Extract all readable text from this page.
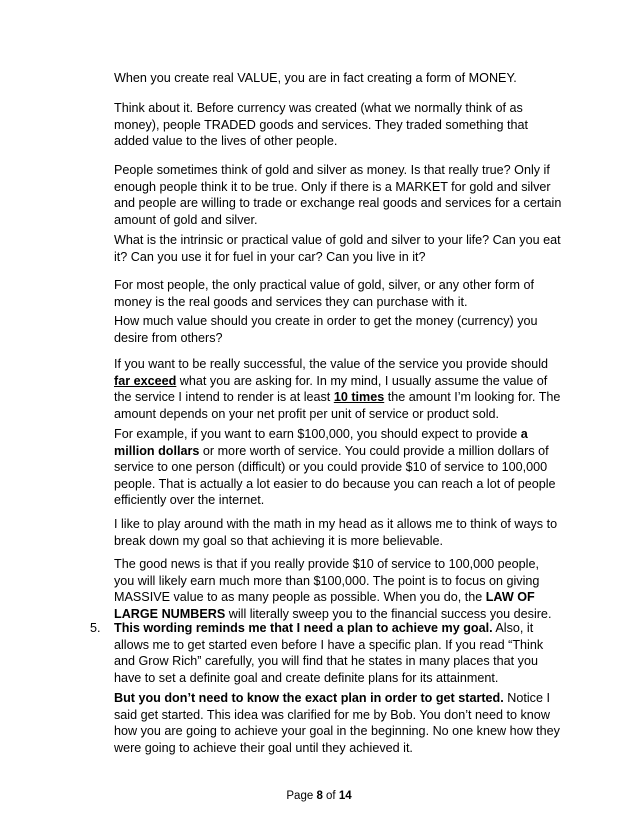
When you create real VALUE, you are in fact creating a form of MONEY.

Think about it. Before currency was created (what we normally think of as money), people TRADED goods and services. They traded something that added value to the lives of other people.

People sometimes think of gold and silver as money. Is that really true? Only if enough people think it to be true. Only if there is a MARKET for gold and silver and people are willing to trade or exchange real goods and services for a certain amount of gold and silver.

What is the intrinsic or practical value of gold and silver to your life? Can you eat it? Can you use it for fuel in your car? Can you live in it?

For most people, the only practical value of gold, silver, or any other form of money is the real goods and services they can purchase with it.

How much value should you create in order to get the money (currency) you desire from others?

If you want to be really successful, the value of the service you provide should far exceed what you are asking for. In my mind, I usually assume the value of the service I intend to render is at least 10 times the amount I’m looking for. The amount depends on your net profit per unit of service or product sold.

For example, if you want to earn $100,000, you should expect to provide a million dollars or more worth of service. You could provide a million dollars of service to one person (difficult) or you could provide $10 of service to 100,000 people. That is actually a lot easier to do because you can reach a lot of people efficiently over the internet.

I like to play around with the math in my head as it allows me to think of ways to break down my goal so that achieving it is more believable.

The good news is that if you really provide $10 of service to 100,000 people, you will likely earn much more than $100,000. The point is to focus on giving MASSIVE value to as many people as possible. When you do, the LAW OF LARGE NUMBERS will literally sweep you to the financial success you desire.

5. This wording reminds me that I need a plan to achieve my goal. Also, it allows me to get started even before I have a specific plan. If you read “Think and Grow Rich” carefully, you will find that he states in many places that you have to set a definite goal and create definite plans for its attainment.

But you don’t need to know the exact plan in order to get started. Notice I said get started. This idea was clarified for me by Bob. You don’t need to know how you are going to achieve your goal in the beginning. No one knew how they were going to achieve their goal until they achieved it.

Page 8 of 14
